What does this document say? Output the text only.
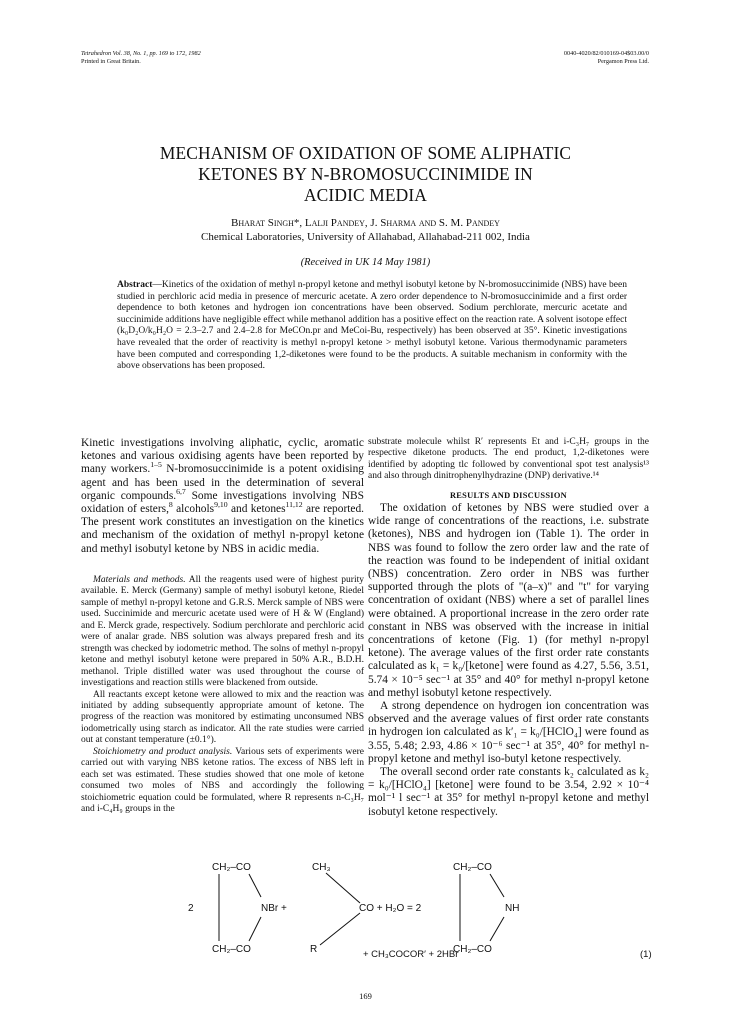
Tetrahedron Vol. 38, No. 1, pp. 169 to 172, 1982
Printed in Great Britain.
0040-4020/82/010169-04$03.00/0
Pergamon Press Ltd.
MECHANISM OF OXIDATION OF SOME ALIPHATIC
KETONES BY N-BROMOSUCCINIMIDE IN
ACIDIC MEDIA
Bharat Singh*, Lalji Pandey, J. Sharma and S. M. Pandey
Chemical Laboratories, University of Allahabad, Allahabad-211 002, India
(Received in UK 14 May 1981)
Abstract—Kinetics of the oxidation of methyl n-propyl ketone and methyl isobutyl ketone by N-bromosuccinimide (NBS) have been studied in perchloric acid media in presence of mercuric acetate. A zero order dependence to N-bromosuccinimide and a first order dependence to both ketones and hydrogen ion concentrations have been observed. Sodium perchlorate, mercuric acetate and succinimide additions have negligible effect while methanol addition has a positive effect on the reaction rate. A solvent isotope effect (k₀D₂O/k₀H₂O = 2.3–2.7 and 2.4–2.8 for MeCOn.pr and MeCoi-Bu, respectively) has been observed at 35°. Kinetic investigations have revealed that the order of reactivity is methyl n-propyl ketone > methyl isobutyl ketone. Various thermodynamic parameters have been computed and corresponding 1,2-diketones were found to be the products. A suitable mechanism in conformity with the above observations has been proposed.

Kinetic investigations involving aliphatic, cyclic, aromatic ketones and various oxidising agents have been reported by many workers.$^{1-5}$ N-bromosuccinimide is a potent oxidising agent and has been used in the determination of several organic compounds.$^{6,7}$ Some investigations involving NBS oxidation of esters,$^8$ alcohols$^{9,10}$ and ketones$^{11,12}$ are reported. The present work constitutes an investigation on the kinetics and mechanism of the oxidation of methyl n-propyl ketone and methyl isobutyl ketone by NBS in acidic media.

Materials and methods. All the reagents used were of highest purity available. E. Merck (Germany) sample of methyl isobutyl ketone, Riedel sample of methyl n-propyl ketone and G.R.S. Merck sample of NBS were used. Succinimide and mercuric acetate used were of H & W (England) and E. Merck grade, respectively. Sodium perchlorate and perchloric acid were of analar grade. NBS solution was always prepared fresh and its strength was checked by iodometric method. The solns of methyl n-propyl ketone and methyl isobutyl ketone were prepared in 50% A.R., B.D.H. methanol. Triple distilled water was used throughout the course of investigations and reaction stills were blackened from outside.

All reactants except ketone were allowed to mix and the reaction was initiated by adding subsequently appropriate amount of ketone. The progress of the reaction was monitored by estimating unconsumed NBS iodometrically using starch as indicator. All the rate studies were carried out at constant temperature (±0.1°).

Stoichiometry and product analysis. Various sets of experiments were carried out with varying NBS ketone ratios. The excess of NBS left in each set was estimated. These studies showed that one mole of ketone consumed two moles of NBS and accordingly the following stoichiometric equation could be formulated, where R represents n-C₃H₇ and i-C₄H₉ groups in the

substrate molecule whilst R′ represents Et and i-C₃H₇ groups in the respective diketone products. The end product, 1,2-diketones were identified by adopting tlc followed by conventional spot test analysis¹³ and also through dinitrophenylhydrazine (DNP) derivative.¹⁴

RESULTS AND DISCUSSION

The oxidation of ketones by NBS were studied over a wide range of concentrations of the reactions, i.e. substrate (ketones), NBS and hydrogen ion (Table 1). The order in NBS was found to follow the zero order law and the rate of the reaction was found to be independent of initial oxidant (NBS) concentration. Zero order in NBS was further supported through the plots of "(a–x)" and "t" for varying concentration of oxidant (NBS) where a set of parallel lines were obtained. A proportional increase in the zero order rate constant in NBS was observed with the increase in initial concentrations of ketone (Fig. 1) (for methyl n-propyl ketone). The average values of the first order rate constants calculated as k₁ = k₀/[ketone] were found as 4.27, 5.56, 3.51, 5.74 × 10⁻⁵ sec⁻¹ at 35° and 40° for methyl n-propyl ketone and methyl isobutyl ketone respectively.

A strong dependence on hydrogen ion concentration was observed and the average values of first order rate constants in hydrogen ion calculated as k′₁ = k₀/[HClO₄] were found as 3.55, 5.48; 2.93, 4.86 × 10⁻⁶ sec⁻¹ at 35°, 40° for methyl n-propyl ketone and methyl iso-butyl ketone respectively.

The overall second order rate constants k₂ calculated as k₂ = k₀/[HClO₄] [ketone] were found to be 3.54, 2.92 × 10⁻⁴ mol⁻¹ l sec⁻¹ at 35° for methyl n-propyl ketone and methyl isobutyl ketone respectively.

2
CH₂–CO
CH₂–CO
NBr +
CH₃
R
CO + H₂O = 2
CH₂–CO
CH₂–CO
NH
+ CH₃COCOR′ + 2HBr	(1)
169
